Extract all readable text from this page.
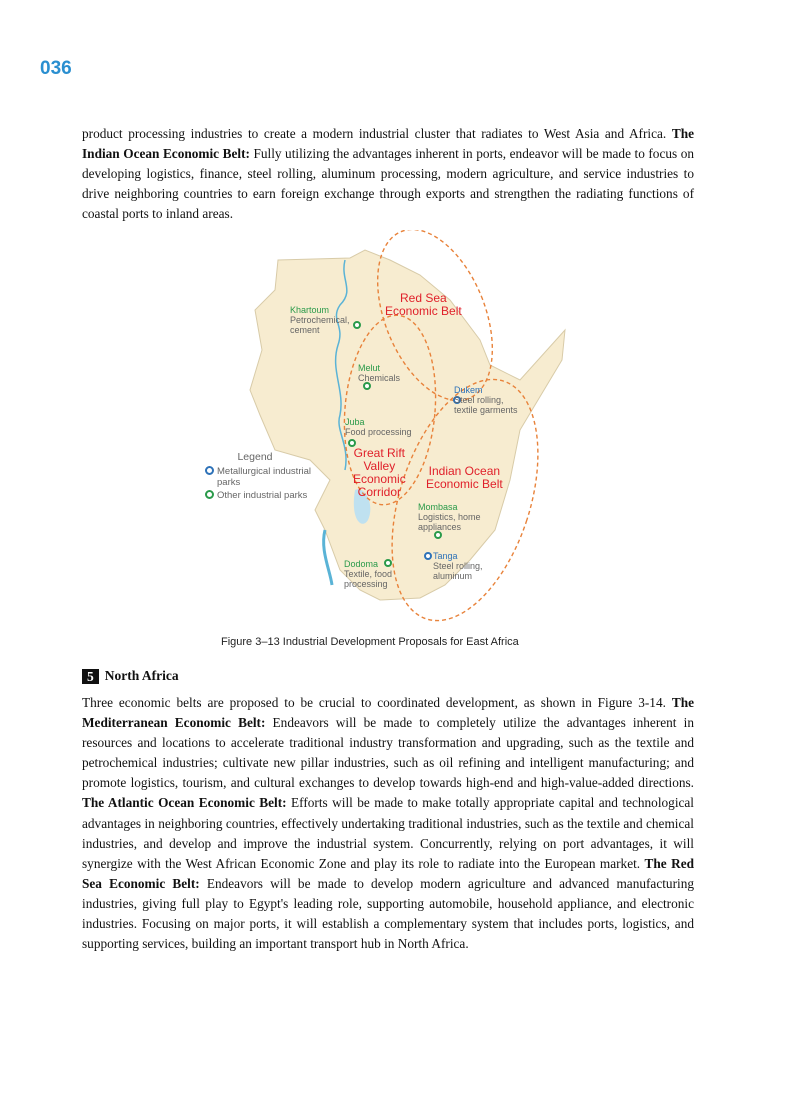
036
product processing industries to create a modern industrial cluster that radiates to West Asia and Africa. The Indian Ocean Economic Belt: Fully utilizing the advantages inherent in ports, endeavor will be made to focus on developing logistics, finance, steel rolling, aluminum processing, modern agriculture, and service industries to drive neighboring countries to earn foreign exchange through exports and strengthen the radiating functions of coastal ports to inland areas.
Red Sea
Economic Belt
Great Rift
Valley
Economic
Corridor
Indian Ocean
Economic Belt
Khartoum
Petrochemical,
cement
Melut
Chemicals
Dukem
Steel rolling,
textile garments
Juba
Food processing
Mombasa
Logistics, home
appliances
Tanga
Steel rolling,
aluminum
Dodoma
Textile, food
processing
Legend
Metallurgical industrial
parks
Other industrial parks
Figure 3–13 Industrial Development Proposals for East Africa
5 North Africa
Three economic belts are proposed to be crucial to coordinated development, as shown in Figure 3-14. The Mediterranean Economic Belt: Endeavors will be made to completely utilize the advantages inherent in resources and locations to accelerate traditional industry transformation and upgrading, such as the textile and petrochemical industries; cultivate new pillar industries, such as oil refining and intelligent manufacturing; and promote logistics, tourism, and cultural exchanges to develop towards high-end and high-value-added directions. The Atlantic Ocean Economic Belt: Efforts will be made to make totally appropriate capital and technological advantages in neighboring countries, effectively undertaking traditional industries, such as the textile and chemical industries, and develop and improve the industrial system. Concurrently, relying on port advantages, it will synergize with the West African Economic Zone and play its role to radiate into the European market. The Red Sea Economic Belt: Endeavors will be made to develop modern agriculture and advanced manufacturing industries, giving full play to Egypt's leading role, supporting automobile, household appliance, and electronic industries. Focusing on major ports, it will establish a complementary system that includes ports, logistics, and supporting services, building an important transport hub in North Africa.
